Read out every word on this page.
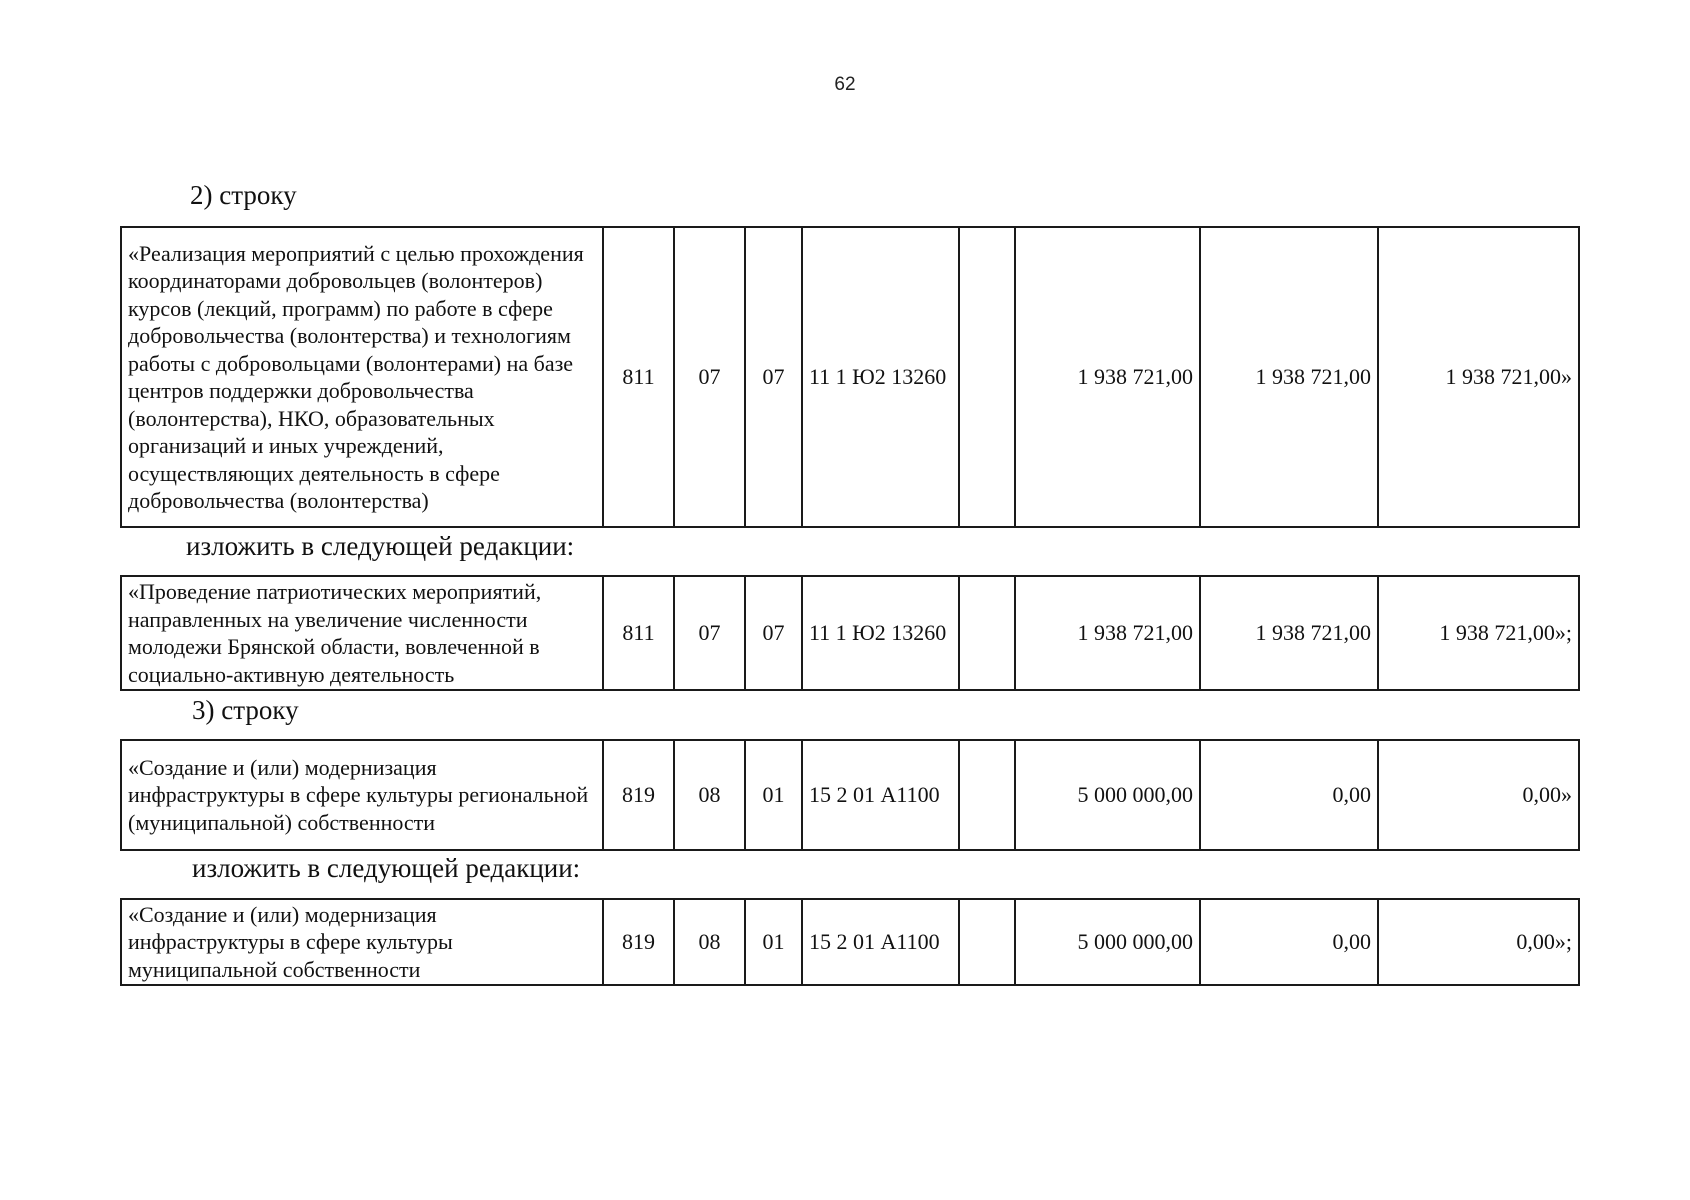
62
2) строку
«Реализация мероприятий с целью прохождения координаторами добровольцев (волонтеров) курсов (лекций, программ) по работе в сфере добровольчества (волонтерства) и технологиям работы с добровольцами (волонтерами) на базе центров поддержки добровольчества (волонтерства), НКО, образовательных организаций и иных учреждений, осуществляющих деятельность в сфере добровольчества (волонтерства)	811	07	07	11 1 Ю2 13260		1 938 721,00	1 938 721,00	1 938 721,00»
изложить в следующей редакции:
«Проведение патриотических мероприятий, направленных на увеличение численности молодежи Брянской области, вовлеченной в социально-активную деятельность	811	07	07	11 1 Ю2 13260		1 938 721,00	1 938 721,00	1 938 721,00»;
3) строку
«Создание и (или) модернизация инфраструктуры в сфере культуры региональной (муниципальной) собственности	819	08	01	15 2 01 А1100		5 000 000,00	0,00	0,00»
изложить в следующей редакции:
«Создание и (или) модернизация инфраструктуры в сфере культуры муниципальной собственности	819	08	01	15 2 01 А1100		5 000 000,00	0,00	0,00»;
